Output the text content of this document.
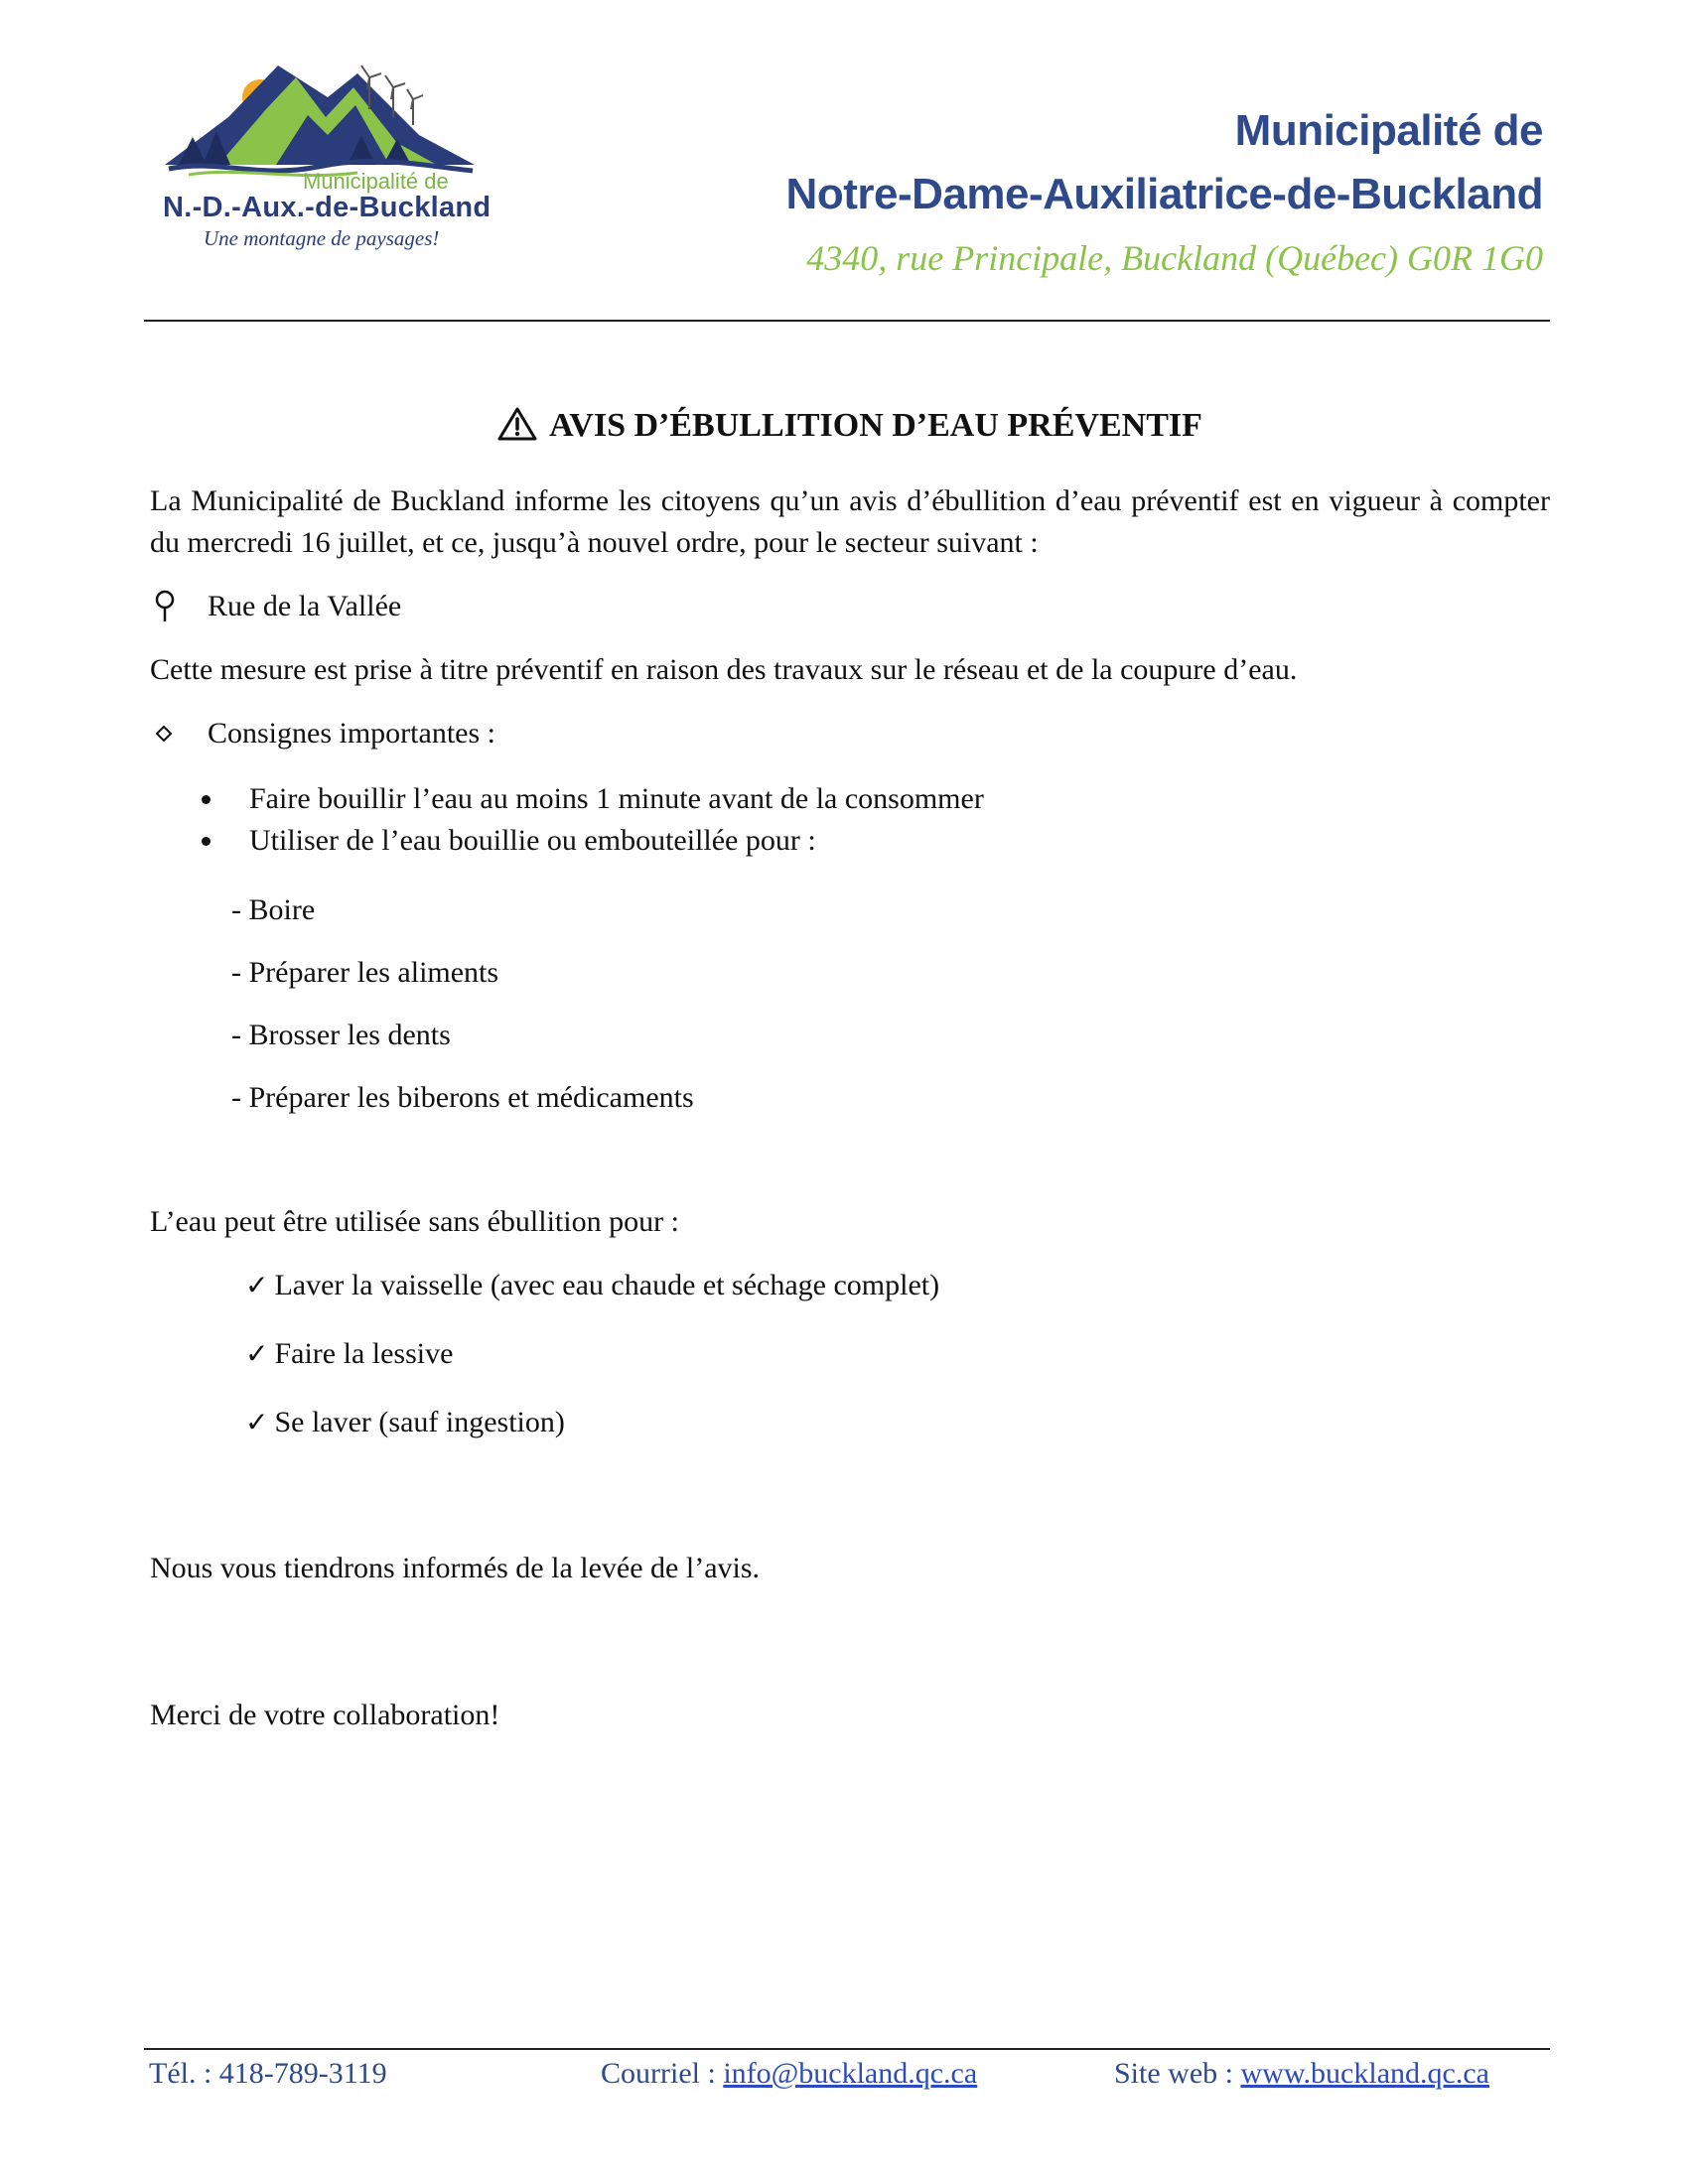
Municipalité de
N.-D.-Aux.-de-Buckland
Une montagne de paysages!
Municipalité de
Notre-Dame-Auxiliatrice-de-Buckland
4340, rue Principale, Buckland (Québec) G0R 1G0
AVIS D’ÉBULLITION D’EAU PRÉVENTIF

La Municipalité de Buckland informe les citoyens qu’un avis d’ébullition d’eau préventif est en vigueur à compter du mercredi 16 juillet, et ce, jusqu’à nouvel ordre, pour le secteur suivant :

Rue de la Vallée

Cette mesure est prise à titre préventif en raison des travaux sur le réseau et de la coupure d’eau.

Consignes importantes :
Faire bouillir l’eau au moins 1 minute avant de la consommer
Utiliser de l’eau bouillie ou embouteillée pour :
- Boire
- Préparer les aliments
- Brosser les dents
- Préparer les biberons et médicaments

L’eau peut être utilisée sans ébullition pour :

✓ Laver la vaisselle (avec eau chaude et séchage complet)
✓ Faire la lessive
✓ Se laver (sauf ingestion)

Nous vous tiendrons informés de la levée de l’avis.

Merci de votre collaboration!

Tél. : 418-789-3119	Courriel : info@buckland.qc.ca	Site web : www.buckland.qc.ca
